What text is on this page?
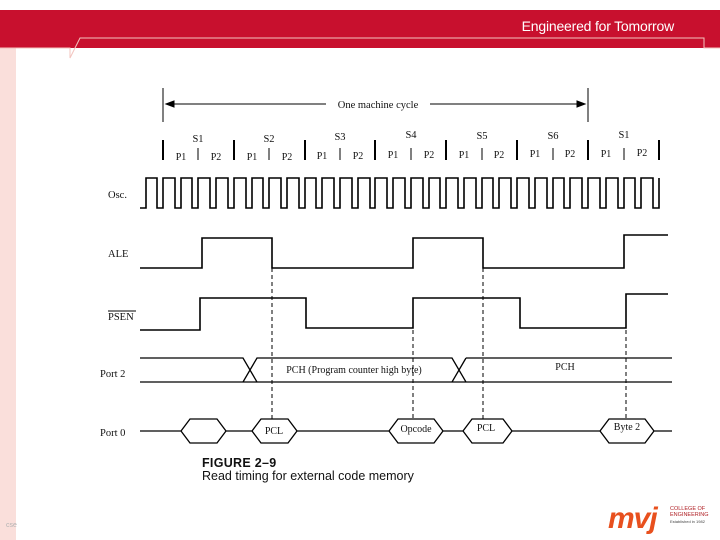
Engineered for Tomorrow
One machine cycle
S1	S2	S3	S4	S5	S6	S1
P1 P2	P1 P2 P1	P2 P1	P2 P1 P2	P1 P2	P1	P2
Osc.
ALE
PSEN
Port 2
Port 0
PCH (Program counter high byte)	PCH
PCL	Opcode	PCL	Byte 2
FIGURE 2–9
Read timing for external code memory
mvj COLLEGE OF
ENGINEERING
Established in 1982
cse
